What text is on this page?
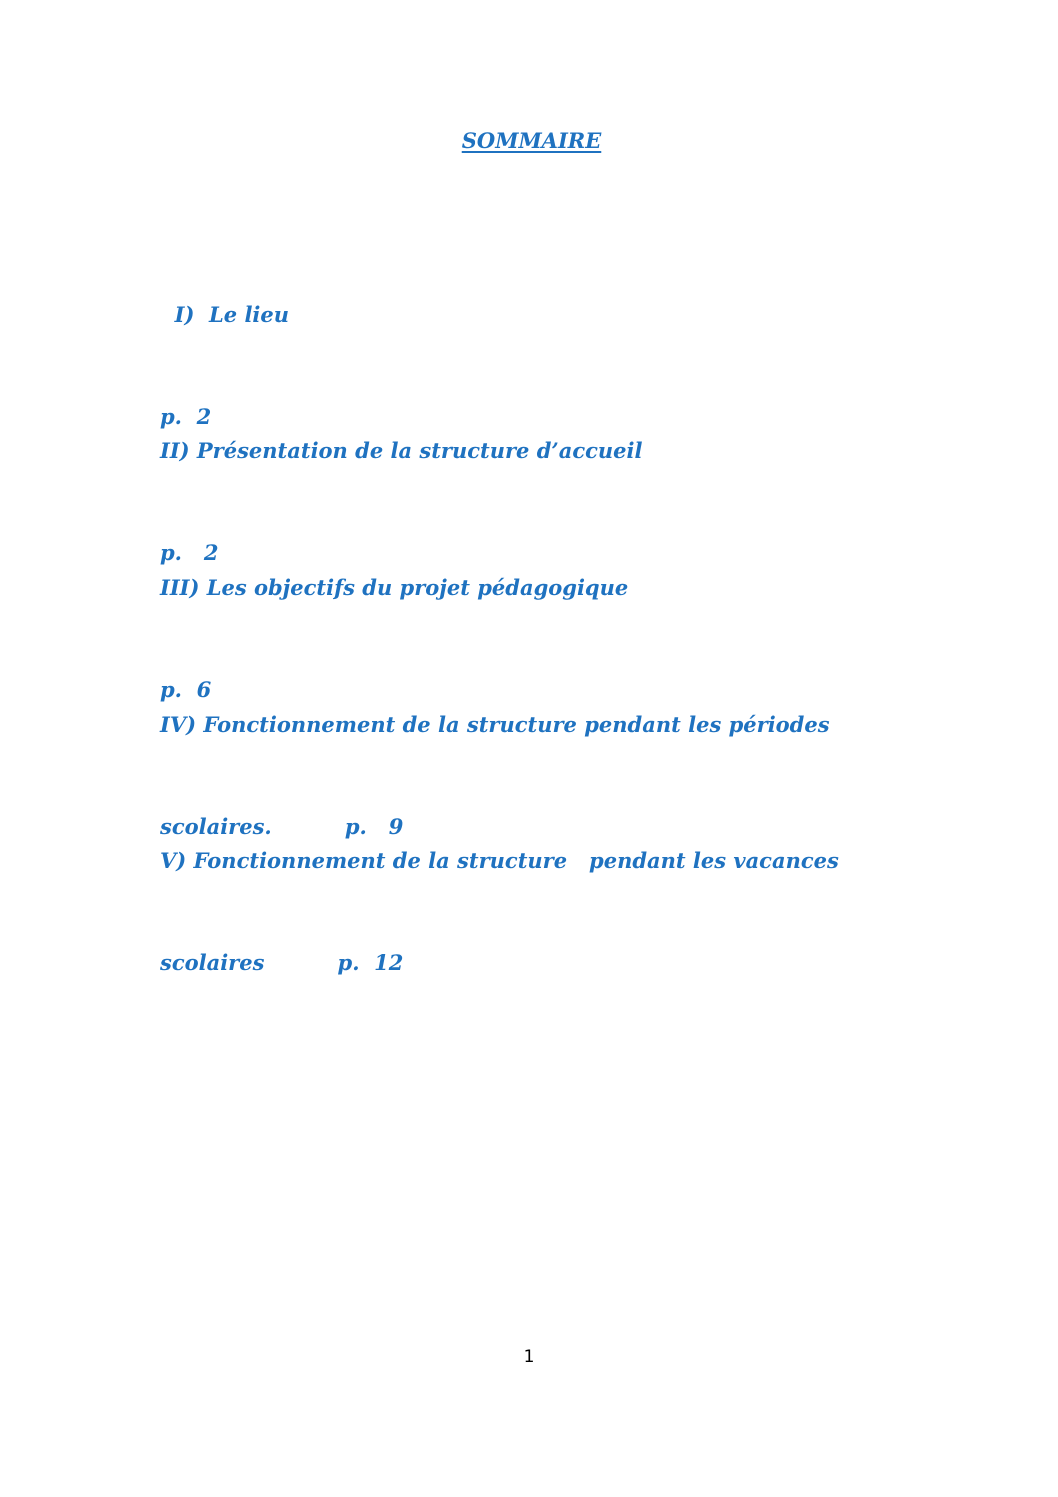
SOMMAIRE

I)  Le lieu

p.  2

II) Présentation de la structure d’accueil

p.   2

III) Les objectifs du projet pédagogique

p.  6

IV) Fonctionnement de la structure pendant les périodes

scolaires.          p.   9

V) Fonctionnement de la structure   pendant les vacances

scolaires          p.  12

1
